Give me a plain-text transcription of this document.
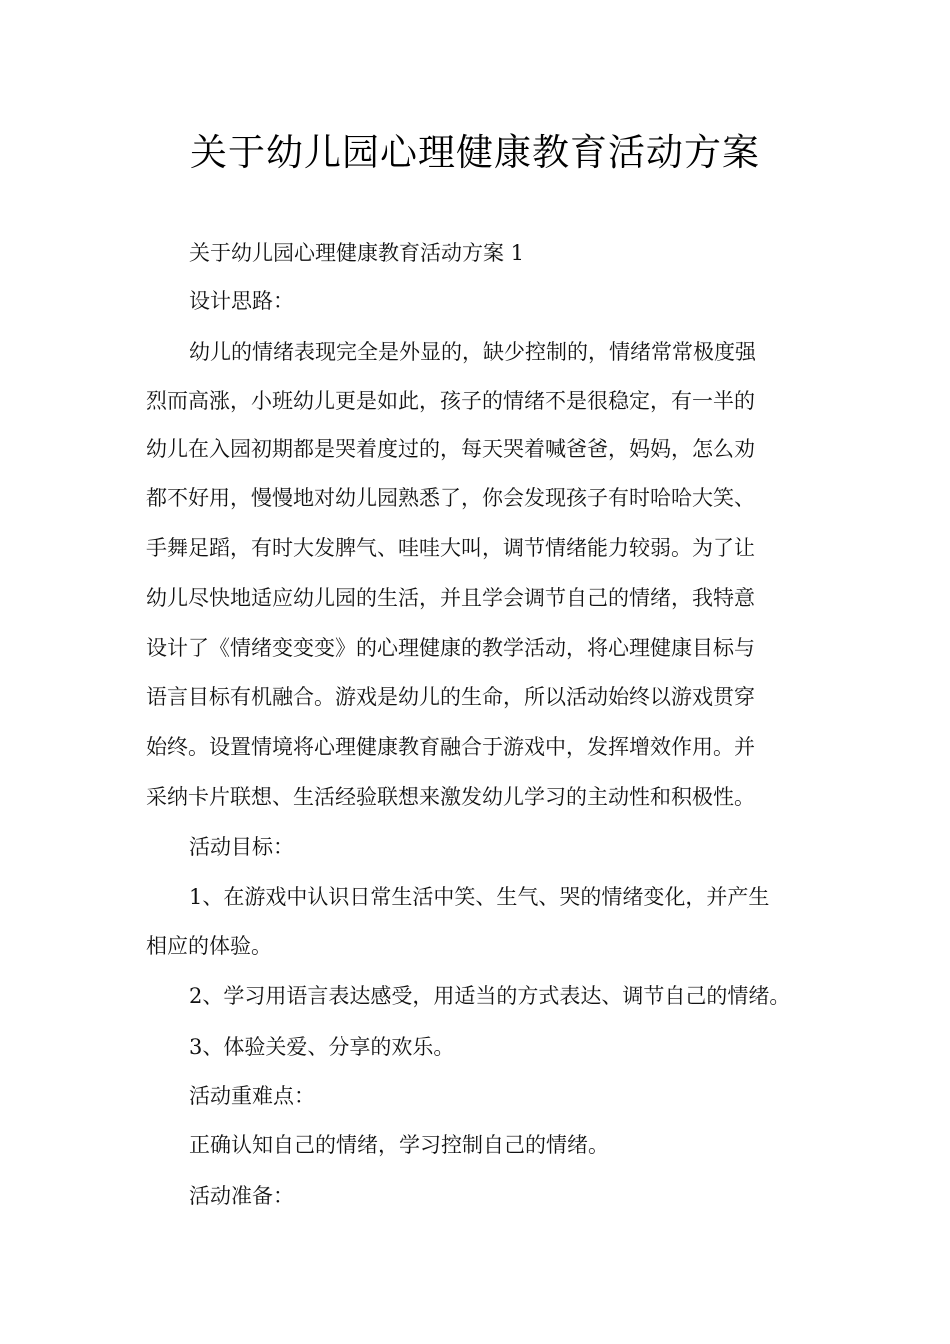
关于幼儿园心理健康教育活动方案
关于幼儿园心理健康教育活动方案 1
设计思路：
幼儿的情绪表现完全是外显的，缺少控制的，情绪常常极度强
烈而高涨，小班幼儿更是如此，孩子的情绪不是很稳定，有一半的
幼儿在入园初期都是哭着度过的，每天哭着喊爸爸，妈妈，怎么劝
都不好用，慢慢地对幼儿园熟悉了，你会发现孩子有时哈哈大笑、
手舞足蹈，有时大发脾气、哇哇大叫，调节情绪能力较弱。为了让
幼儿尽快地适应幼儿园的生活，并且学会调节自己的情绪，我特意
设计了《情绪变变变》的心理健康的教学活动，将心理健康目标与
语言目标有机融合。游戏是幼儿的生命，所以活动始终以游戏贯穿
始终。设置情境将心理健康教育融合于游戏中，发挥增效作用。并
采纳卡片联想、生活经验联想来激发幼儿学习的主动性和积极性。
活动目标：
1、在游戏中认识日常生活中笑、生气、哭的情绪变化，并产生
相应的体验。
2、学习用语言表达感受，用适当的方式表达、调节自己的情绪。
3、体验关爱、分享的欢乐。
活动重难点：
正确认知自己的情绪，学习控制自己的情绪。
活动准备：
